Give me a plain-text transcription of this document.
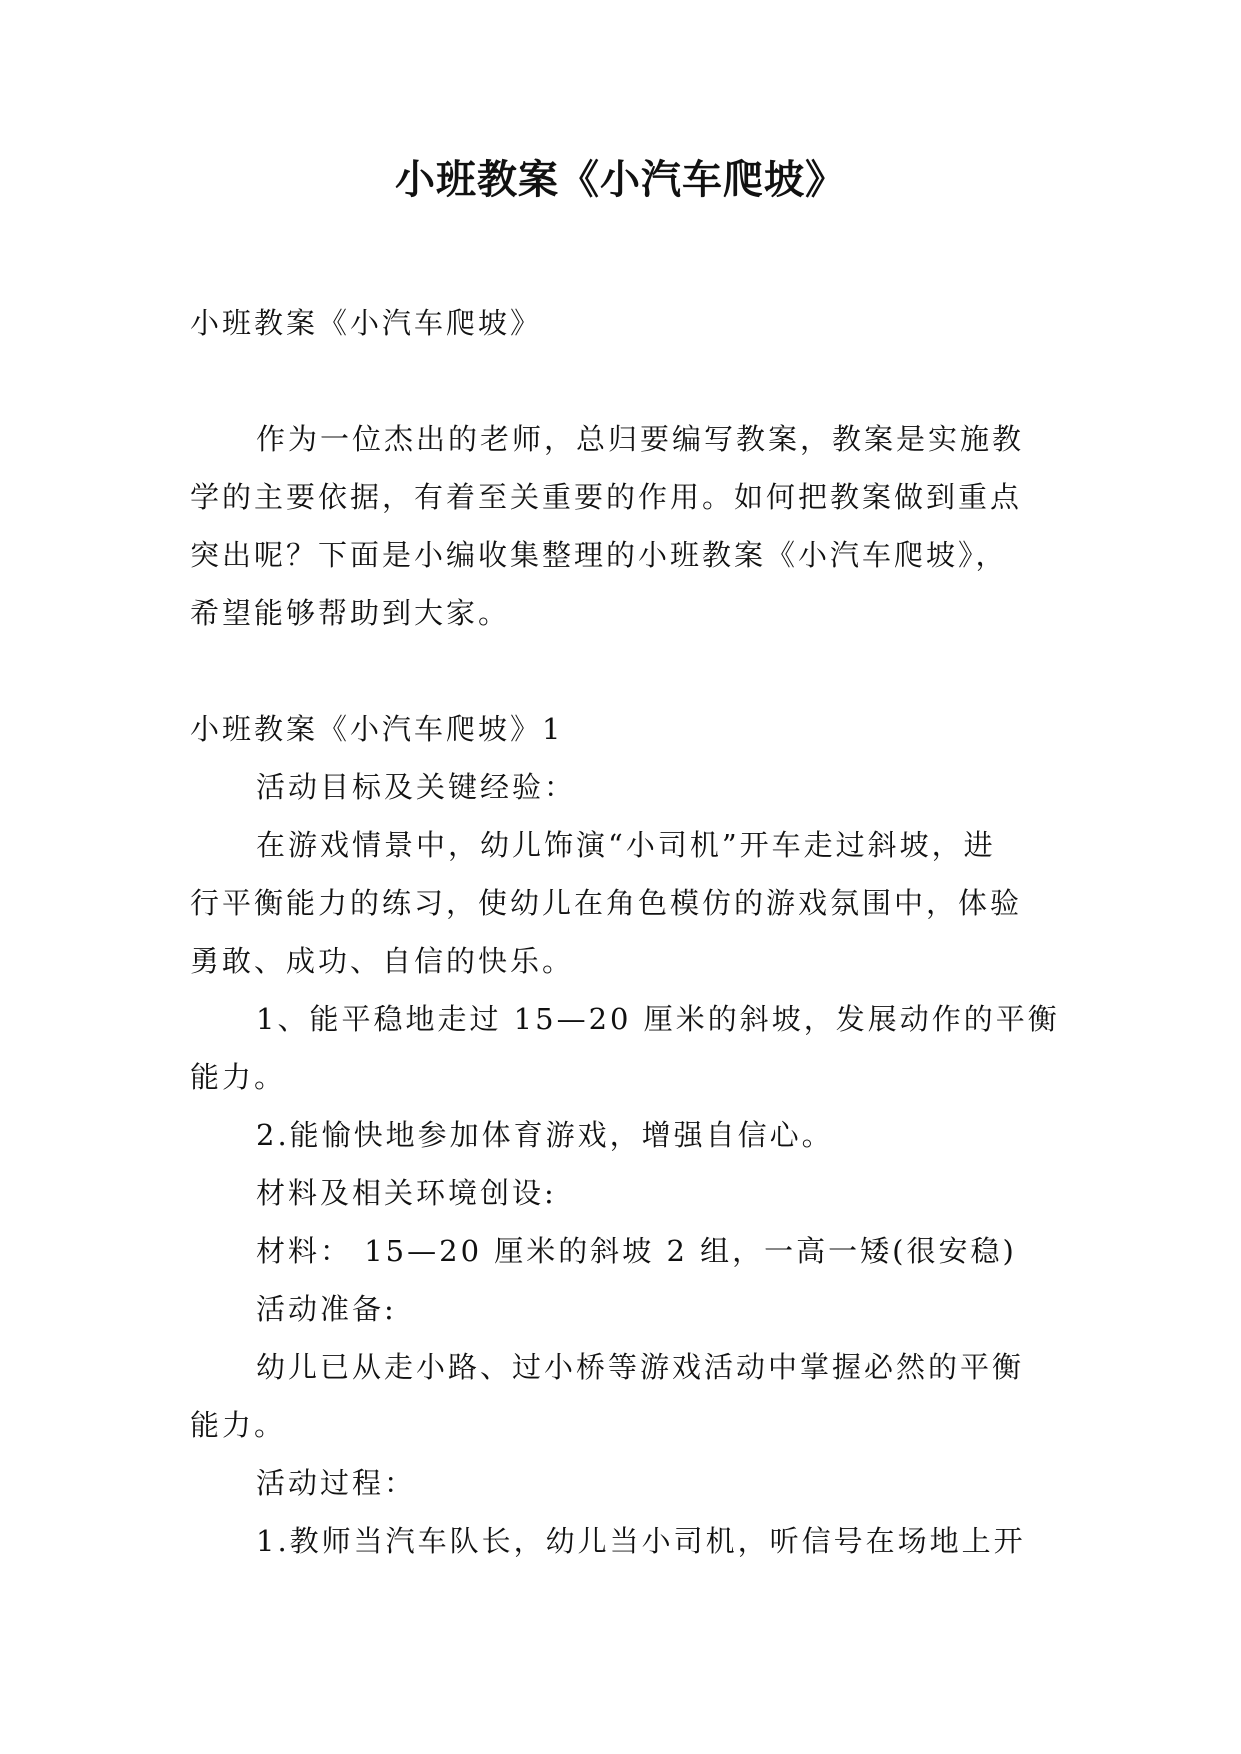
小班教案《小汽车爬坡》
小班教案《小汽车爬坡》
作为一位杰出的老师，总归要编写教案，教案是实施教
学的主要依据，有着至关重要的作用。如何把教案做到重点
突出呢？下面是小编收集整理的小班教案《小汽车爬坡》，
希望能够帮助到大家。
小班教案《小汽车爬坡》1
活动目标及关键经验：
在游戏情景中，幼儿饰演“小司机”开车走过斜坡，进
行平衡能力的练习，使幼儿在角色模仿的游戏氛围中，体验
勇敢、成功、自信的快乐。
1、能平稳地走过 15—20 厘米的斜坡，发展动作的平衡
能力。
2.能愉快地参加体育游戏，增强自信心。
材料及相关环境创设:
材料： 15—20 厘米的斜坡 2 组，一高一矮(很安稳)
活动准备:
幼儿已从走小路、过小桥等游戏活动中掌握必然的平衡
能力。
活动过程：
1.教师当汽车队长，幼儿当小司机，听信号在场地上开
